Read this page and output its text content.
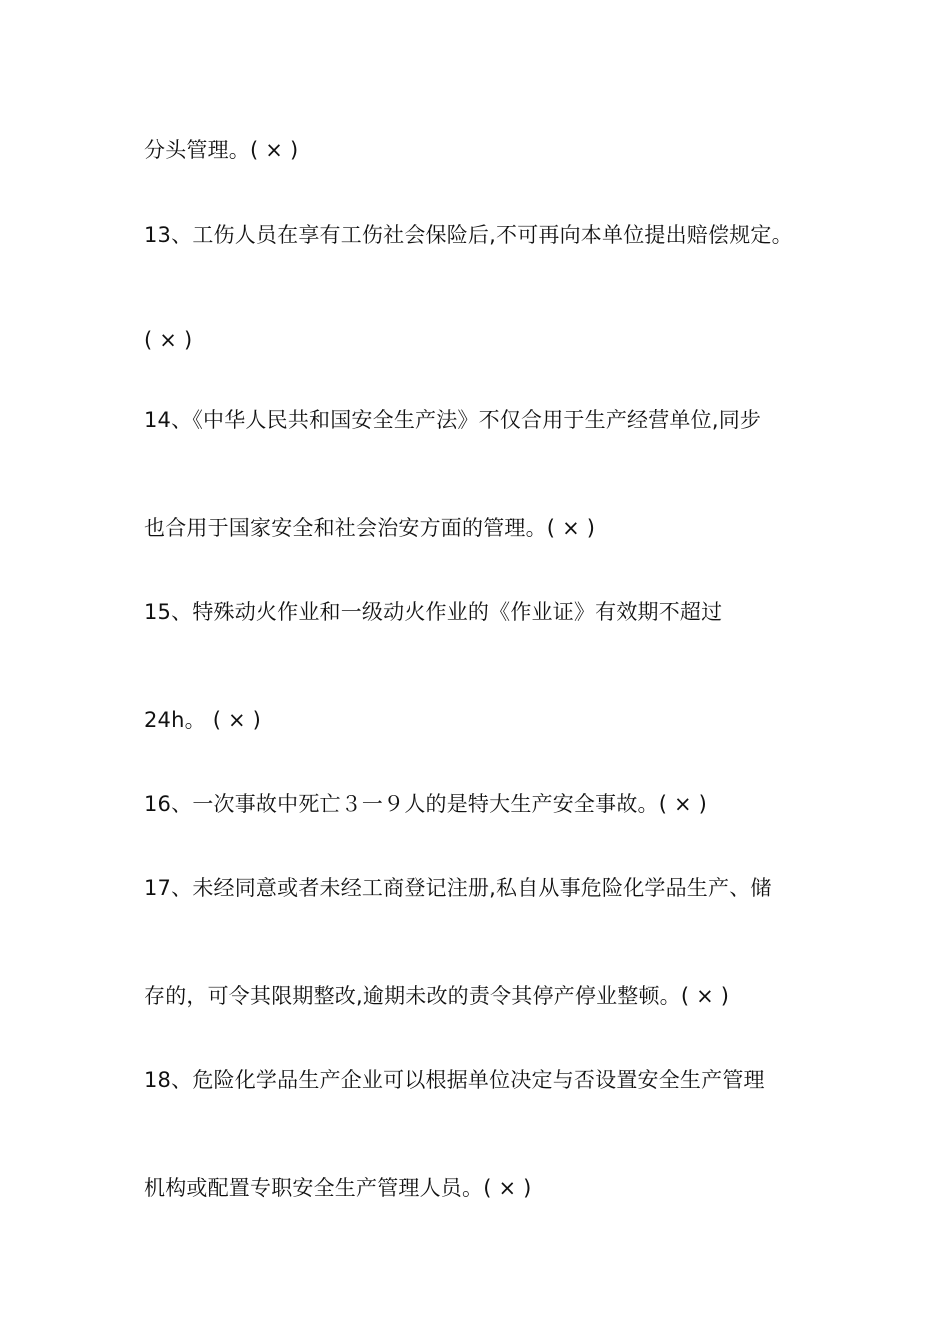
分头管理。( × )
13、工伤人员在享有工伤社会保险后,不可再向本单位提出赔偿规定。
( × )
14、《中华人民共和国安全生产法》不仅合用于生产经营单位,同步
也合用于国家安全和社会治安方面的管理。( × )
15、特殊动火作业和一级动火作业的《作业证》有效期不超过
24h。 ( × )
16、一次事故中死亡３一９人的是特大生产安全事故。( × )
17、未经同意或者未经工商登记注册,私自从事危险化学品生产、储
存的，可令其限期整改,逾期未改的责令其停产停业整顿。( × )
18、危险化学品生产企业可以根据单位决定与否设置安全生产管理
机构或配置专职安全生产管理人员。( × )
